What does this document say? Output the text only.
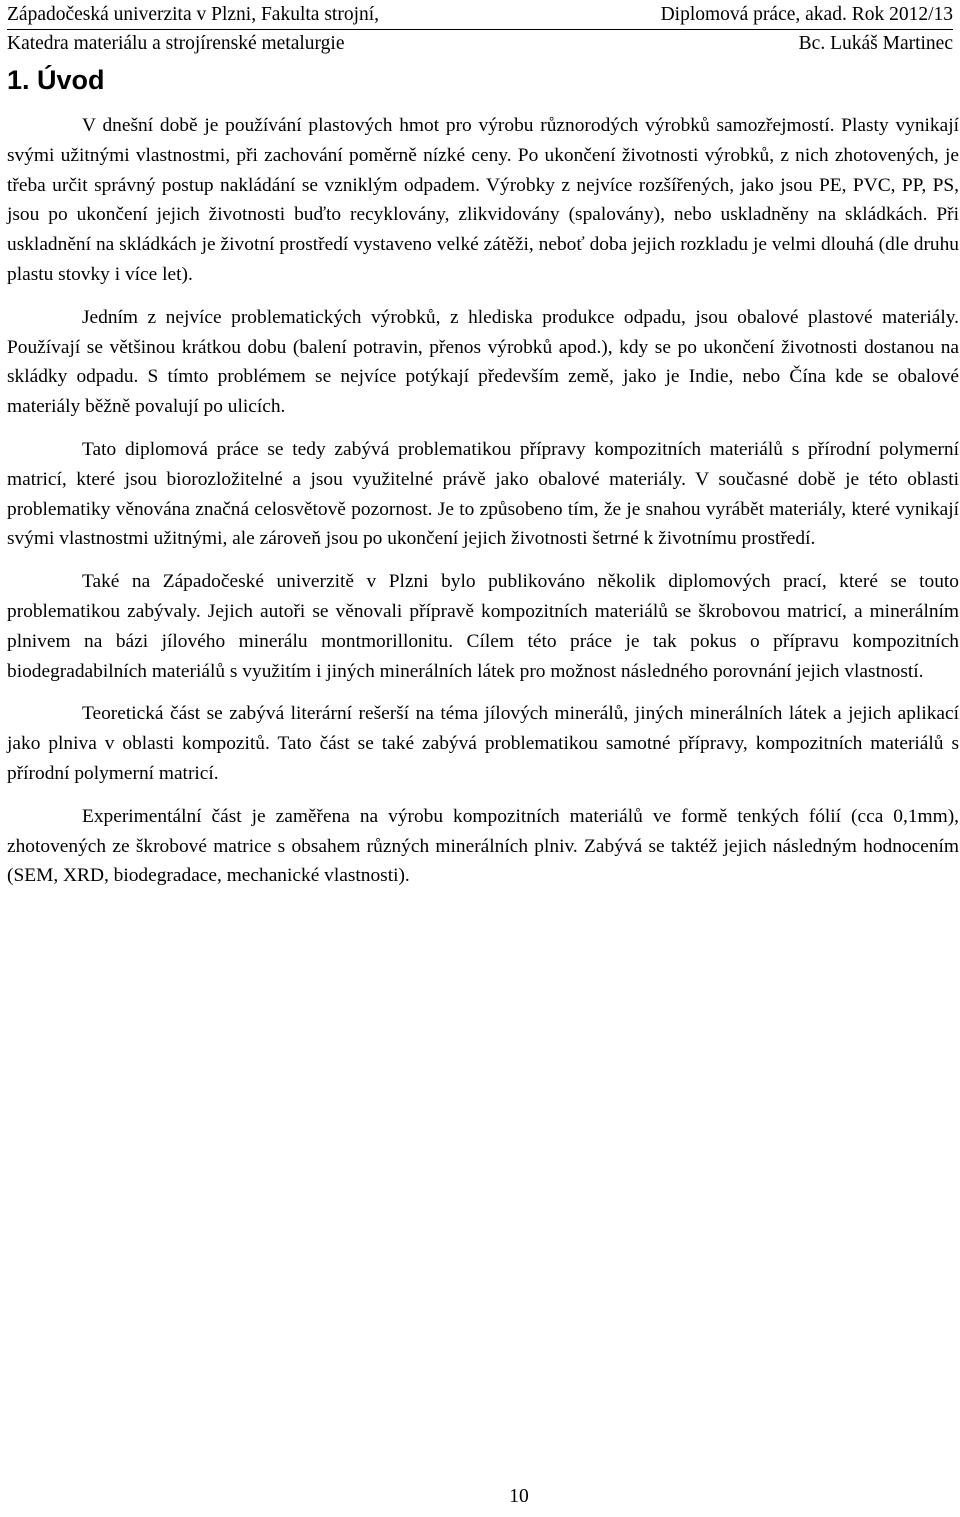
Západočeská univerzita v Plzni, Fakulta strojní,	Diplomová práce, akad. Rok 2012/13
Katedra materiálu a strojírenské metalurgie	Bc. Lukáš Martinec
1. Úvod

V dnešní době je používání plastových hmot pro výrobu různorodých výrobků samozřejmostí. Plasty vynikají svými užitnými vlastnostmi, při zachování poměrně nízké ceny. Po ukončení životnosti výrobků, z nich zhotovených, je třeba určit správný postup nakládání se vzniklým odpadem. Výrobky z nejvíce rozšířených, jako jsou PE, PVC, PP, PS, jsou po ukončení jejich životnosti buďto recyklovány, zlikvidovány (spalovány), nebo uskladněny na skládkách. Při uskladnění na skládkách je životní prostředí vystaveno velké zátěži, neboť doba jejich rozkladu je velmi dlouhá (dle druhu plastu stovky i více let).

Jedním z nejvíce problematických výrobků, z hlediska produkce odpadu, jsou obalové plastové materiály. Používají se většinou krátkou dobu (balení potravin, přenos výrobků apod.), kdy se po ukončení životnosti dostanou na skládky odpadu. S tímto problémem se nejvíce potýkají především země, jako je Indie, nebo Čína kde se obalové materiály běžně povalují po ulicích.

Tato diplomová práce se tedy zabývá problematikou přípravy kompozitních materiálů s přírodní polymerní matricí, které jsou biorozložitelné a jsou využitelné právě jako obalové materiály. V současné době je této oblasti problematiky věnována značná celosvětově pozornost. Je to způsobeno tím, že je snahou vyrábět materiály, které vynikají svými vlastnostmi užitnými, ale zároveň jsou po ukončení jejich životnosti šetrné k životnímu prostředí.

Také na Západočeské univerzitě v Plzni bylo publikováno několik diplomových prací, které se touto problematikou zabývaly. Jejich autoři se věnovali přípravě kompozitních materiálů se škrobovou matricí, a minerálním plnivem na bázi jílového minerálu montmorillonitu. Cílem této práce je tak pokus o přípravu kompozitních biodegradabilních materiálů s využitím i jiných minerálních látek pro možnost následného porovnání jejich vlastností.

Teoretická část se zabývá literární rešerší na téma jílových minerálů, jiných minerálních látek a jejich aplikací jako plniva v oblasti kompozitů. Tato část se také zabývá problematikou samotné přípravy, kompozitních materiálů s přírodní polymerní matricí.

Experimentální část je zaměřena na výrobu kompozitních materiálů ve formě tenkých fólií (cca 0,1mm), zhotovených ze škrobové matrice s obsahem různých minerálních plniv. Zabývá se taktéž jejich následným hodnocením (SEM, XRD, biodegradace, mechanické vlastnosti).

10
